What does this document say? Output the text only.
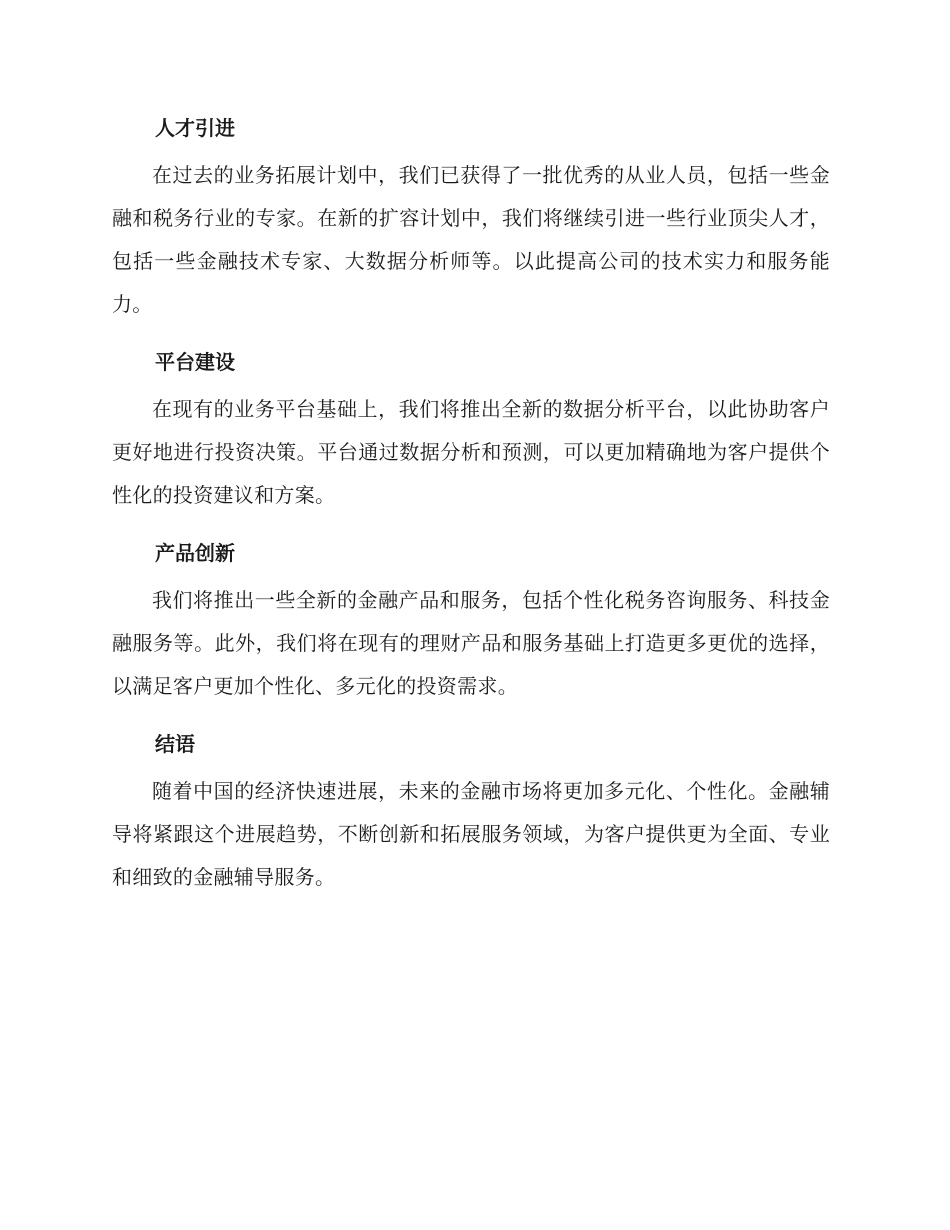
人才引进

在过去的业务拓展计划中，我们已获得了一批优秀的从业人员，包括一些金融和税务行业的专家。在新的扩容计划中，我们将继续引进一些行业顶尖人才，包括一些金融技术专家、大数据分析师等。以此提高公司的技术实力和服务能力。

平台建设

在现有的业务平台基础上，我们将推出全新的数据分析平台，以此协助客户更好地进行投资决策。平台通过数据分析和预测，可以更加精确地为客户提供个性化的投资建议和方案。

产品创新

我们将推出一些全新的金融产品和服务，包括个性化税务咨询服务、科技金融服务等。此外，我们将在现有的理财产品和服务基础上打造更多更优的选择，以满足客户更加个性化、多元化的投资需求。

结语

随着中国的经济快速进展，未来的金融市场将更加多元化、个性化。金融辅导将紧跟这个进展趋势，不断创新和拓展服务领域，为客户提供更为全面、专业和细致的金融辅导服务。
